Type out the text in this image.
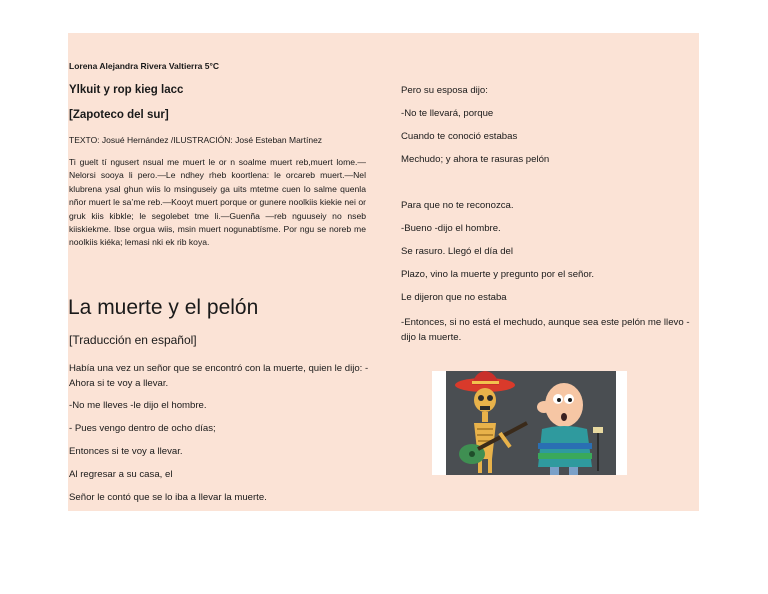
Lorena Alejandra Rivera Valtierra 5°C
Ylkuit y rop kieg lacc
[Zapoteco del sur]
TEXTO: Josué Hernández /ILUSTRACIÓN: José Esteban Martínez
Ti guelt tí ngusert nsual me muert le or n soalme muert reb,muert lome.—Nelorsi sooya li pero.—Le ndhey rheb koortlena: le orcareb muert.—Nel klubrena ysal ghun wiis lo msinguseiy ga uits mtetme cuen lo salme quenla nñor muert le sa’me reb.—Kooyt muert porque or gunere noolkiis kiekie nei or gruk kiis kibkle; le segolebet tme li.—Guenña —reb nguuseiy no nseb kiiskiekme. Ibse orgua wiis, msin muert nogunabtísme. Por ngu se noreb me noolkiis kiéka; lemasi nki ek rib koya.
La muerte y el pelón
[Traducción en español]
Había una vez un señor que se encontró con la muerte, quien le dijo: -Ahora si te voy a llevar.
-No me lleves -le dijo el hombre.
- Pues vengo dentro de ocho días;
Entonces si te voy a llevar.
Al regresar a su casa, el
Señor le contó que se lo iba a llevar la muerte.
Pero su esposa dijo:
-No te llevará, porque
Cuando te conoció estabas
Mechudo; y ahora te rasuras pelón
Para que no te reconozca.
-Bueno -dijo el hombre.
Se rasuro. Llegó el día del
Plazo, vino la muerte y pregunto por el señor.
Le dijeron que no estaba
-Entonces, si no está el mechudo, aunque sea este pelón me llevo -dijo la muerte.
